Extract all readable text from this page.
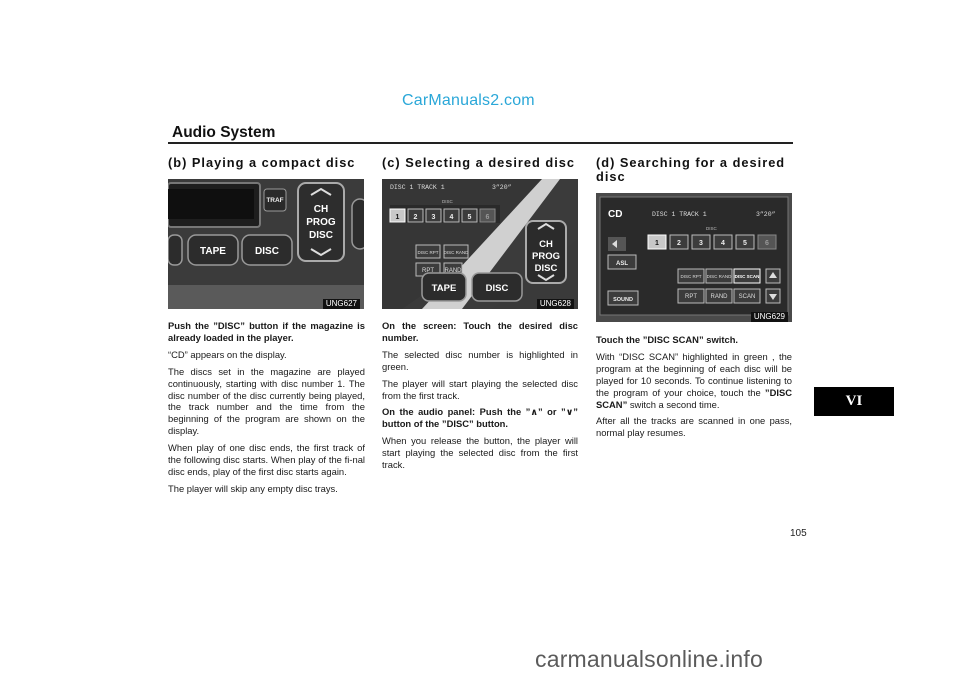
CarManuals2.com
Audio System
(b) Playing a compact disc
TRAF
CH
PROG
DISC
TAPE	DISC
UNG627

Push the ”DISC” button if the magazine is already loaded in the player.

“CD” appears on the display.

The discs set in the magazine are played continuously, starting with disc number 1. The disc number of the disc currently being played, the track number and the time from the beginning of the program are shown on the display.

When play of one disc ends, the first track of the following disc starts. When play of the fi-nal disc ends, play of the first disc starts again.

The player will skip any empty disc trays.

(c) Selecting a desired disc
DISC 1 TRACK 1	3”20”
DISC
1 2 3 4 5 6
DISC RPT DISC RAND
RPT RAND
CH
PROG
DISC
TAPE	DISC
UNG628

On the screen: Touch the desired disc number.

The selected disc number is highlighted in green.

The player will start playing the selected disc from the first track.

On the audio panel: Push the ”∧” or ”∨” button of the ”DISC” button.

When you release the button, the player will start playing the selected disc from the first track.

(d) Searching for a desired disc
CD	DISC 1 TRACK 1	3”20”
DISC
1	2	3	4	5	6
ASL
SOUND
DISC RPT DISC RAND DISC SCAN
RPT RAND SCAN
UNG629

Touch the ”DISC SCAN” switch.

With “DISC SCAN” highlighted in green , the program at the beginning of each disc will be played for 10 seconds. To continue listening to the program of your choice, touch the ”DISC SCAN” switch a second time.

After all the tracks are scanned in one pass, normal play resumes.

VI
105
carmanualsonline.info
